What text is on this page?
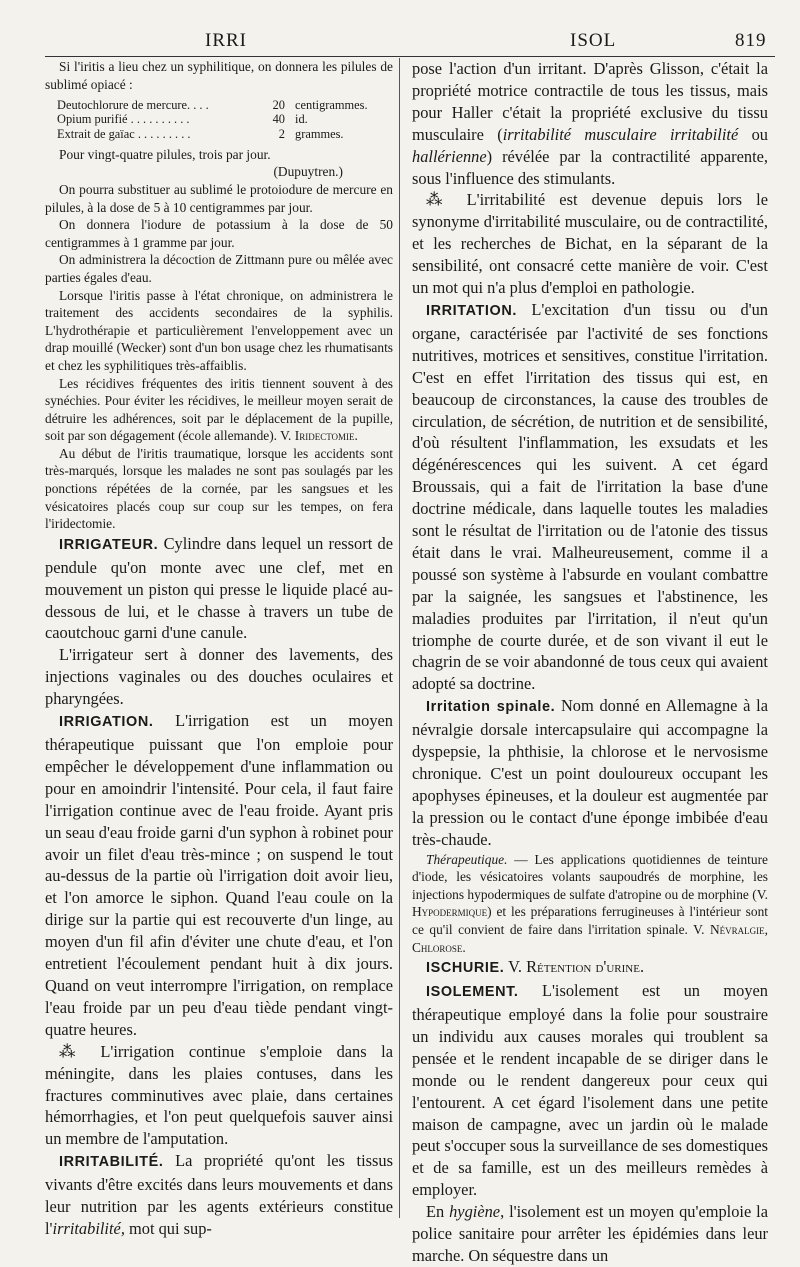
IRRI	ISOL	819

Si l'iritis a lieu chez un syphilitique, on donnera les pilules de sublimé opiacé :

Deutochlorure de mercure. . . .	20 centigrammes.
Opium purifié . . . . . . . . . .	40 id.
Extrait de gaïac . . . . . . . . .	2 grammes.

Pour vingt-quatre pilules, trois par jour.

(Dupuytren.)

On pourra substituer au sublimé le protoiodure de mercure en pilules, à la dose de 5 à 10 centigrammes par jour.

On donnera l'iodure de potassium à la dose de 50 centigrammes à 1 gramme par jour.

On administrera la décoction de Zittmann pure ou mêlée avec parties égales d'eau.

Lorsque l'iritis passe à l'état chronique, on administrera le traitement des accidents secondaires de la syphilis. L'hydrothérapie et particulièrement l'enveloppement avec un drap mouillé (Wecker) sont d'un bon usage chez les rhumatisants et chez les syphilitiques très-affaiblis.

Les récidives fréquentes des iritis tiennent souvent à des synéchies. Pour éviter les récidives, le meilleur moyen serait de détruire les adhérences, soit par le déplacement de la pupille, soit par son dégagement (école allemande). V. Iridectomie.

Au début de l'iritis traumatique, lorsque les accidents sont très-marqués, lorsque les malades ne sont pas soulagés par les ponctions répétées de la cornée, par les sangsues et les vésicatoires placés coup sur coup sur les tempes, on fera l'iridectomie.

IRRIGATEUR. Cylindre dans lequel un ressort de pendule qu'on monte avec une clef, met en mouvement un piston qui presse le liquide placé au-dessous de lui, et le chasse à travers un tube de caoutchouc garni d'une canule.

L'irrigateur sert à donner des lavements, des injections vaginales ou des douches oculaires et pharyngées.

IRRIGATION. L'irrigation est un moyen thérapeutique puissant que l'on emploie pour empêcher le développement d'une inflammation ou pour en amoindrir l'intensité. Pour cela, il faut faire l'irrigation continue avec de l'eau froide. Ayant pris un seau d'eau froide garni d'un syphon à robinet pour avoir un filet d'eau très-mince ; on suspend le tout au-dessus de la partie où l'irrigation doit avoir lieu, et l'on amorce le siphon. Quand l'eau coule on la dirige sur la partie qui est recouverte d'un linge, au moyen d'un fil afin d'éviter une chute d'eau, et l'on entretient l'écoulement pendant huit à dix jours. Quand on veut interrompre l'irrigation, on remplace l'eau froide par un peu d'eau tiède pendant vingt-quatre heures.

⁂ L'irrigation continue s'emploie dans la méningite, dans les plaies contuses, dans les fractures comminutives avec plaie, dans certaines hémorrhagies, et l'on peut quelquefois sauver ainsi un membre de l'amputation.

IRRITABILITÉ. La propriété qu'ont les tissus vivants d'être excités dans leurs mouvements et dans leur nutrition par les agents extérieurs constitue l'irritabilité, mot qui sup-

pose l'action d'un irritant. D'après Glisson, c'était la propriété motrice contractile de tous les tissus, mais pour Haller c'était la propriété exclusive du tissu musculaire (irritabilité musculaire irritabilité ou hallérienne) révélée par la contractilité apparente, sous l'influence des stimulants.

⁂ L'irritabilité est devenue depuis lors le synonyme d'irritabilité musculaire, ou de contractilité, et les recherches de Bichat, en la séparant de la sensibilité, ont consacré cette manière de voir. C'est un mot qui n'a plus d'emploi en pathologie.

IRRITATION. L'excitation d'un tissu ou d'un organe, caractérisée par l'activité de ses fonctions nutritives, motrices et sensitives, constitue l'irritation. C'est en effet l'irritation des tissus qui est, en beaucoup de circonstances, la cause des troubles de circulation, de sécrétion, de nutrition et de sensibilité, d'où résultent l'inflammation, les exsudats et les dégénérescences qui les suivent. A cet égard Broussais, qui a fait de l'irritation la base d'une doctrine médicale, dans laquelle toutes les maladies sont le résultat de l'irritation ou de l'atonie des tissus était dans le vrai. Malheureusement, comme il a poussé son système à l'absurde en voulant combattre par la saignée, les sangsues et l'abstinence, les maladies produites par l'irritation, il n'eut qu'un triomphe de courte durée, et de son vivant il eut le chagrin de se voir abandonné de tous ceux qui avaient adopté sa doctrine.

Irritation spinale. Nom donné en Allemagne à la névralgie dorsale intercapsulaire qui accompagne la dyspepsie, la phthisie, la chlorose et le nervosisme chronique. C'est un point douloureux occupant les apophyses épineuses, et la douleur est augmentée par la pression ou le contact d'une éponge imbibée d'eau très-chaude.

Thérapeutique. — Les applications quotidiennes de teinture d'iode, les vésicatoires volants saupoudrés de morphine, les injections hypodermiques de sulfate d'atropine ou de morphine (V. Hypodermique) et les préparations ferrugineuses à l'intérieur sont ce qu'il convient de faire dans l'irritation spinale. V. Névralgie, Chlorose.

ISCHURIE. V. Rétention d'urine.

ISOLEMENT. L'isolement est un moyen thérapeutique employé dans la folie pour soustraire un individu aux causes morales qui troublent sa pensée et le rendent incapable de se diriger dans le monde ou le rendent dangereux pour ceux qui l'entourent. A cet égard l'isolement dans une petite maison de campagne, avec un jardin où le malade peut s'occuper sous la surveillance de ses domestiques et de sa famille, est un des meilleurs remèdes à employer.

En hygiène, l'isolement est un moyen qu'emploie la police sanitaire pour arrêter les épidémies dans leur marche. On séquestre dans un
